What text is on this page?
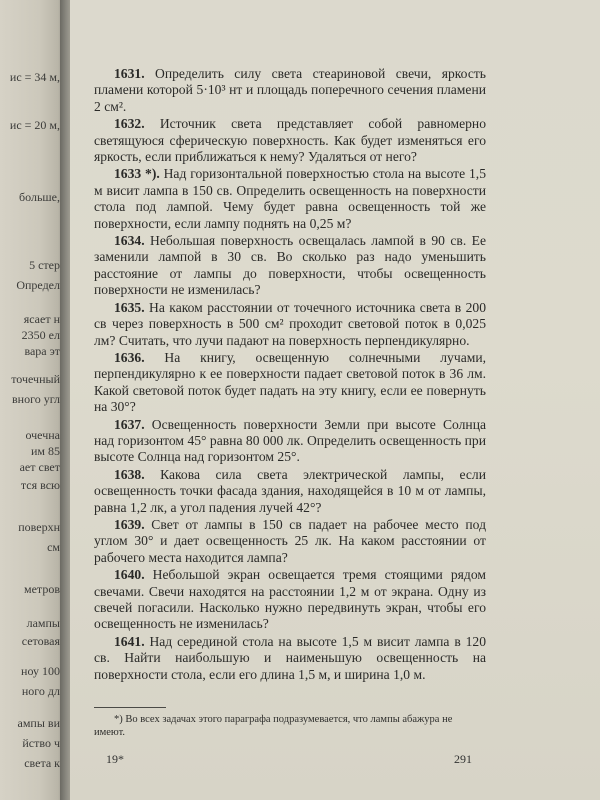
ис = 34 м,
ис = 20 м,
больше,
5 стер
Определ
ясает н
2350 ел
вара эт
точечный
вного угл
очечна
им 85
ает свет
тся всю
поверхн
см
метров
лампы
сетовая
ноу 100
ного дл
ампы ви
йство ч
света к

1631. Определить силу света стеариновой свечи, яркость пламени которой 5·10³ нт и площадь поперечного сечения пламени 2 см².

1632. Источник света представляет собой равномерно светящуюся сферическую поверхность. Как будет изменяться его яркость, если приближаться к нему? Удаляться от него?

1633 *). Над горизонтальной поверхностью стола на высоте 1,5 м висит лампа в 150 св. Определить освещенность на поверхности стола под лампой. Чему будет равна освещенность той же поверхности, если лампу поднять на 0,25 м?

1634. Небольшая поверхность освещалась лампой в 90 св. Ее заменили лампой в 30 св. Во сколько раз надо уменьшить расстояние от лампы до поверхности, чтобы освещенность поверхности не изменилась?

1635. На каком расстоянии от точечного источника света в 200 св через поверхность в 500 см² проходит световой поток в 0,025 лм? Считать, что лучи падают на поверхность перпендикулярно.

1636. На книгу, освещенную солнечными лучами, перпендикулярно к ее поверхности падает световой поток в 36 лм. Какой световой поток будет падать на эту книгу, если ее повернуть на 30°?

1637. Освещенность поверхности Земли при высоте Солнца над горизонтом 45° равна 80 000 лк. Определить освещенность при высоте Солнца над горизонтом 25°.

1638. Какова сила света электрической лампы, если освещенность точки фасада здания, находящейся в 10 м от лампы, равна 1,2 лк, а угол падения лучей 42°?

1639. Свет от лампы в 150 св падает на рабочее место под углом 30° и дает освещенность 25 лк. На каком расстоянии от рабочего места находится лампа?

1640. Небольшой экран освещается тремя стоящими рядом свечами. Свечи находятся на расстоянии 1,2 м от экрана. Одну из свечей погасили. Насколько нужно передвинуть экран, чтобы его освещенность не изменилась?

1641. Над серединой стола на высоте 1,5 м висит лампа в 120 св. Найти наибольшую и наименьшую освещенность на поверхности стола, если его длина 1,5 м, и ширина 1,0 м.

*) Во всех задачах этого параграфа подразумевается, что лампы абажура не имеют.
19*	291
